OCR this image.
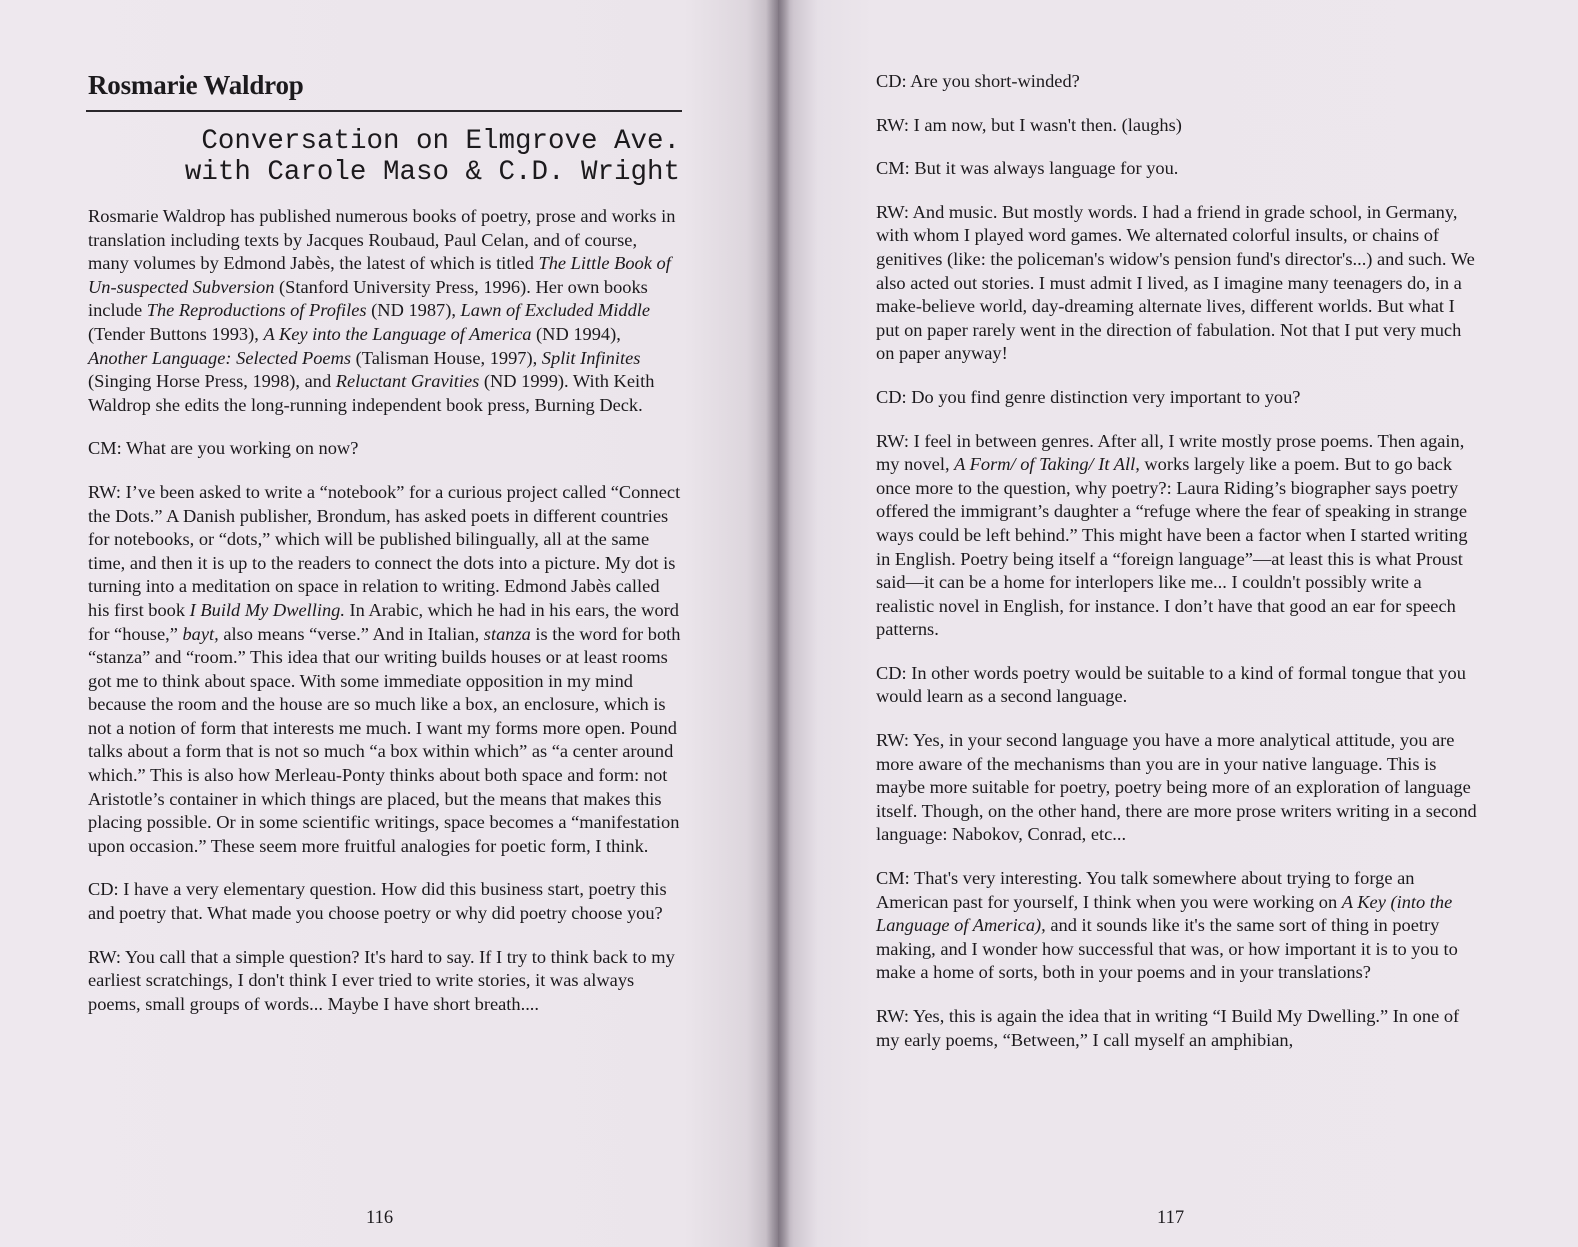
Rosmarie Waldrop
Conversation on Elmgrove Ave.
with Carole Maso & C.D. Wright

Rosmarie Waldrop has published numerous books of poetry, prose and works in translation including texts by Jacques Roubaud, Paul Celan, and of course, many volumes by Edmond Jabès, the latest of which is titled The Little Book of Un-suspected Subversion (Stanford University Press, 1996). Her own books include The Reproductions of Profiles (ND 1987), Lawn of Excluded Middle (Tender Buttons 1993), A Key into the Language of America (ND 1994), Another Language: Selected Poems (Talisman House, 1997), Split Infinites (Singing Horse Press, 1998), and Reluctant Gravities (ND 1999). With Keith Waldrop she edits the long-running independent book press, Burning Deck.

CM: What are you working on now?

RW: I’ve been asked to write a “notebook” for a curious project called “Connect the Dots.” A Danish publisher, Brondum, has asked poets in different countries for notebooks, or “dots,” which will be published bilingually, all at the same time, and then it is up to the readers to connect the dots into a picture. My dot is turning into a meditation on space in relation to writing. Edmond Jabès called his first book I Build My Dwelling. In Arabic, which he had in his ears, the word for “house,” bayt, also means “verse.” And in Italian, stanza is the word for both “stanza” and “room.” This idea that our writing builds houses or at least rooms got me to think about space. With some immediate opposition in my mind because the room and the house are so much like a box, an enclosure, which is not a notion of form that interests me much. I want my forms more open. Pound talks about a form that is not so much “a box within which” as “a center around which.” This is also how Merleau-Ponty thinks about both space and form: not Aristotle’s container in which things are placed, but the means that makes this placing possible. Or in some scientific writings, space becomes a “manifestation upon occasion.” These seem more fruitful analogies for poetic form, I think.

CD: I have a very elementary question. How did this business start, poetry this and poetry that. What made you choose poetry or why did poetry choose you?

RW: You call that a simple question? It's hard to say. If I try to think back to my earliest scratchings, I don't think I ever tried to write stories, it was always poems, small groups of words... Maybe I have short breath....

116

CD: Are you short-winded?

RW: I am now, but I wasn't then. (laughs)

CM: But it was always language for you.

RW: And music. But mostly words. I had a friend in grade school, in Germany, with whom I played word games. We alternated colorful insults, or chains of genitives (like: the policeman's widow's pension fund's director's...) and such. We also acted out stories. I must admit I lived, as I imagine many teenagers do, in a make-believe world, day-dreaming alternate lives, different worlds. But what I put on paper rarely went in the direction of fabulation. Not that I put very much on paper anyway!

CD: Do you find genre distinction very important to you?

RW: I feel in between genres. After all, I write mostly prose poems. Then again, my novel, A Form/ of Taking/ It All, works largely like a poem. But to go back once more to the question, why poetry?: Laura Riding’s biographer says poetry offered the immigrant’s daughter a “refuge where the fear of speaking in strange ways could be left behind.” This might have been a factor when I started writing in English. Poetry being itself a “foreign language”—at least this is what Proust said—it can be a home for interlopers like me... I couldn't possibly write a realistic novel in English, for instance. I don’t have that good an ear for speech patterns.

CD: In other words poetry would be suitable to a kind of formal tongue that you would learn as a second language.

RW: Yes, in your second language you have a more analytical attitude, you are more aware of the mechanisms than you are in your native language. This is maybe more suitable for poetry, poetry being more of an exploration of language itself. Though, on the other hand, there are more prose writers writing in a second language: Nabokov, Conrad, etc...

CM: That's very interesting. You talk somewhere about trying to forge an American past for yourself, I think when you were working on A Key (into the Language of America), and it sounds like it's the same sort of thing in poetry making, and I wonder how successful that was, or how important it is to you to make a home of sorts, both in your poems and in your translations?

RW: Yes, this is again the idea that in writing “I Build My Dwelling.” In one of my early poems, “Between,” I call myself an amphibian,

117
